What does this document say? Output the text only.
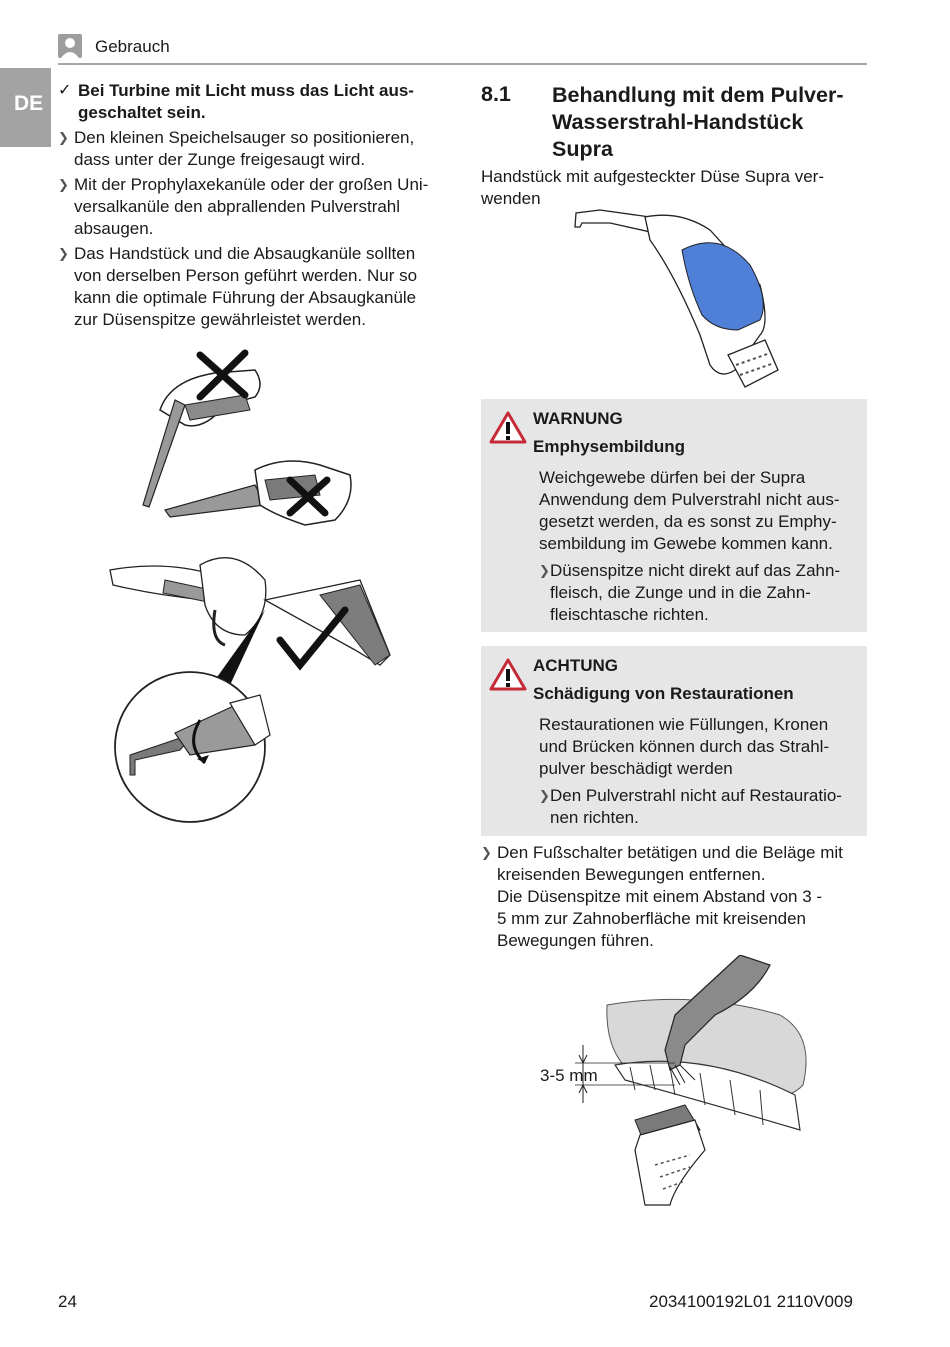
Gebrauch
DE
✓ Bei Turbine mit Licht muss das Licht aus-
geschaltet sein.
❯ Den kleinen Speichelsauger so positionieren,
dass unter der Zunge freigesaugt wird.
❯ Mit der Prophylaxekanüle oder der großen Uni-
versalkanüle den abprallenden Pulverstrahl
absaugen.
❯ Das Handstück und die Absaugkanüle sollten
von derselben Person geführt werden. Nur so
kann die optimale Führung der Absaugkanüle
zur Düsenspitze gewährleistet werden.
8.1 Behandlung mit dem Pulver-
Wasserstrahl-Handstück
Supra
Handstück mit aufgesteckter Düse Supra ver-
wenden
WARNUNG
Emphysembildung
Weichgewebe dürfen bei der Supra
Anwendung dem Pulverstrahl nicht aus-
gesetzt werden, da es sonst zu Emphy-
sembildung im Gewebe kommen kann.
❯ Düsenspitze nicht direkt auf das Zahn-
fleisch, die Zunge und in die Zahn-
fleischtasche richten.
ACHTUNG
Schädigung von Restaurationen
Restaurationen wie Füllungen, Kronen
und Brücken können durch das Strahl-
pulver beschädigt werden
❯ Den Pulverstrahl nicht auf Restauratio-
nen richten.
❯ Den Fußschalter betätigen und die Beläge mit
kreisenden Bewegungen entfernen.
Die Düsenspitze mit einem Abstand von 3 -
5 mm zur Zahnoberfläche mit kreisenden
Bewegungen führen.
3-5 mm
24	2034100192L01 2110V009
